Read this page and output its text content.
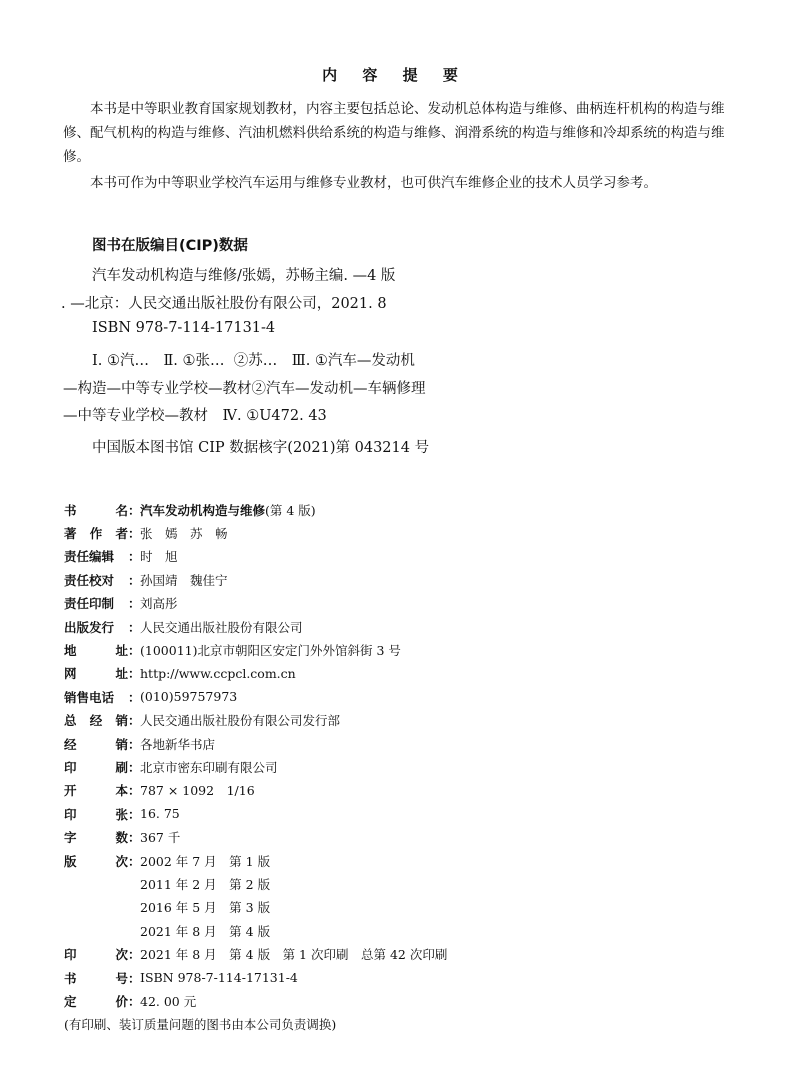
内 容 提 要

本书是中等职业教育国家规划教材，内容主要包括总论、发动机总体构造与维修、曲柄连杆机构的构造与维修、配气机构的构造与维修、汽油机燃料供给系统的构造与维修、润滑系统的构造与维修和冷却系统的构造与维修。

本书可作为中等职业学校汽车运用与维修专业教材，也可供汽车维修企业的技术人员学习参考。

图书在版编目(CIP)数据
汽车发动机构造与维修/张嫣，苏畅主编. —4 版
. —北京：人民交通出版社股份有限公司，2021. 8
ISBN 978-7-114-17131-4
Ⅰ. ①汽…　Ⅱ. ①张…  ②苏…　Ⅲ. ①汽车—发动机
—构造—中等专业学校—教材②汽车—发动机—车辆修理
—中等专业学校—教材　Ⅳ. ①U472. 43
中国版本图书馆 CIP 数据核字(2021)第 043214 号
书	名 ： 汽车发动机构造与维修 (第 4 版)
著 作 者 ： 张　嫣　苏　畅
责任编辑	： 时　旭
责任校对	： 孙国靖　魏佳宁
责任印制	： 刘高彤
出版发行	： 人民交通出版社股份有限公司
地	址 ： (100011)北京市朝阳区安定门外外馆斜街 3 号
网	址 ： http://www.ccpcl.com.cn
销售电话	： (010)59757973
总 经 销 ： 人民交通出版社股份有限公司发行部
经	销 ： 各地新华书店
印	刷 ： 北京市密东印刷有限公司
开	本 ： 787 × 1092　1/16
印	张 ： 16. 75
字	数 ： 367 千
版	次 ： 2002 年 7 月　第 1 版
2011 年 2 月　第 2 版
2016 年 5 月　第 3 版
2021 年 8 月　第 4 版
印	次 ： 2021 年 8 月　第 4 版　第 1 次印刷　总第 42 次印刷
书	号 ： ISBN 978-7-114-17131-4
定	价 ： 42. 00 元
(有印刷、装订质量问题的图书由本公司负责调换)
